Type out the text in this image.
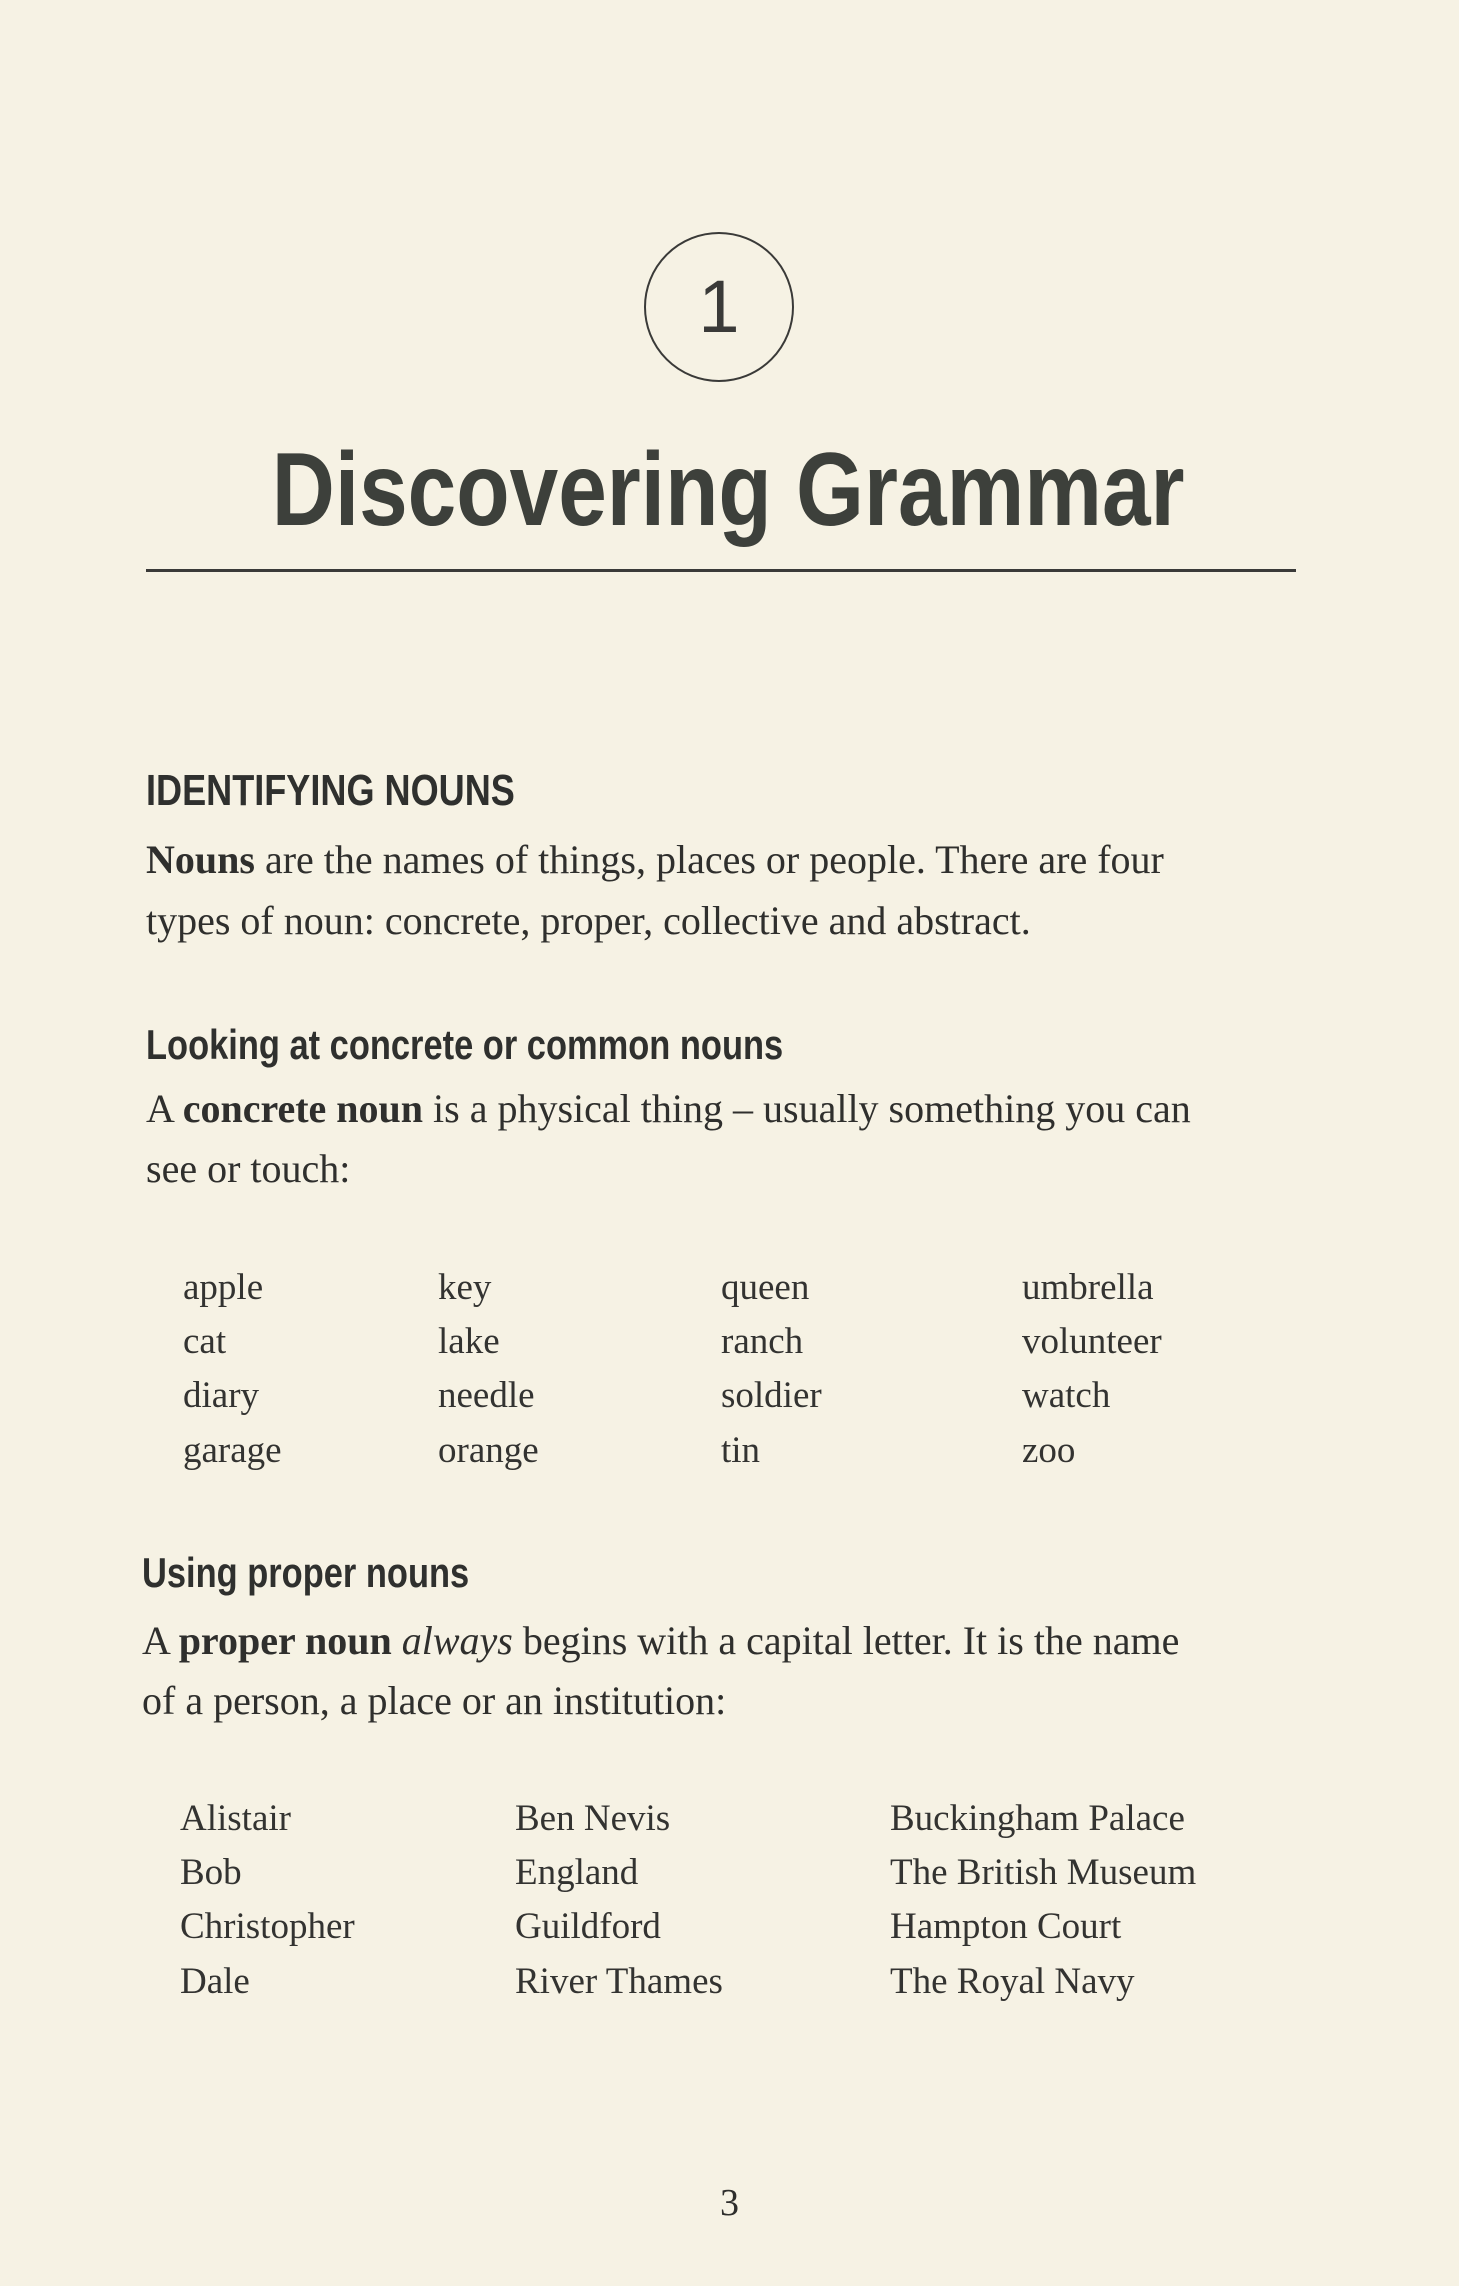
1
Discovering Grammar
IDENTIFYING NOUNS
Nouns are the names of things, places or people. There are four
types of noun: concrete, proper, collective and abstract.
Looking at concrete or common nouns
A concrete noun is a physical thing – usually something you can
see or touch:
apple
cat
diary
garage
key
lake
needle
orange
queen
ranch
soldier
tin
umbrella
volunteer
watch
zoo
Using proper nouns
A proper noun always begins with a capital letter. It is the name
of a person, a place or an institution:
Alistair
Bob
Christopher
Dale
Ben Nevis
England
Guildford
River Thames
Buckingham Palace
The British Museum
Hampton Court
The Royal Navy
3
